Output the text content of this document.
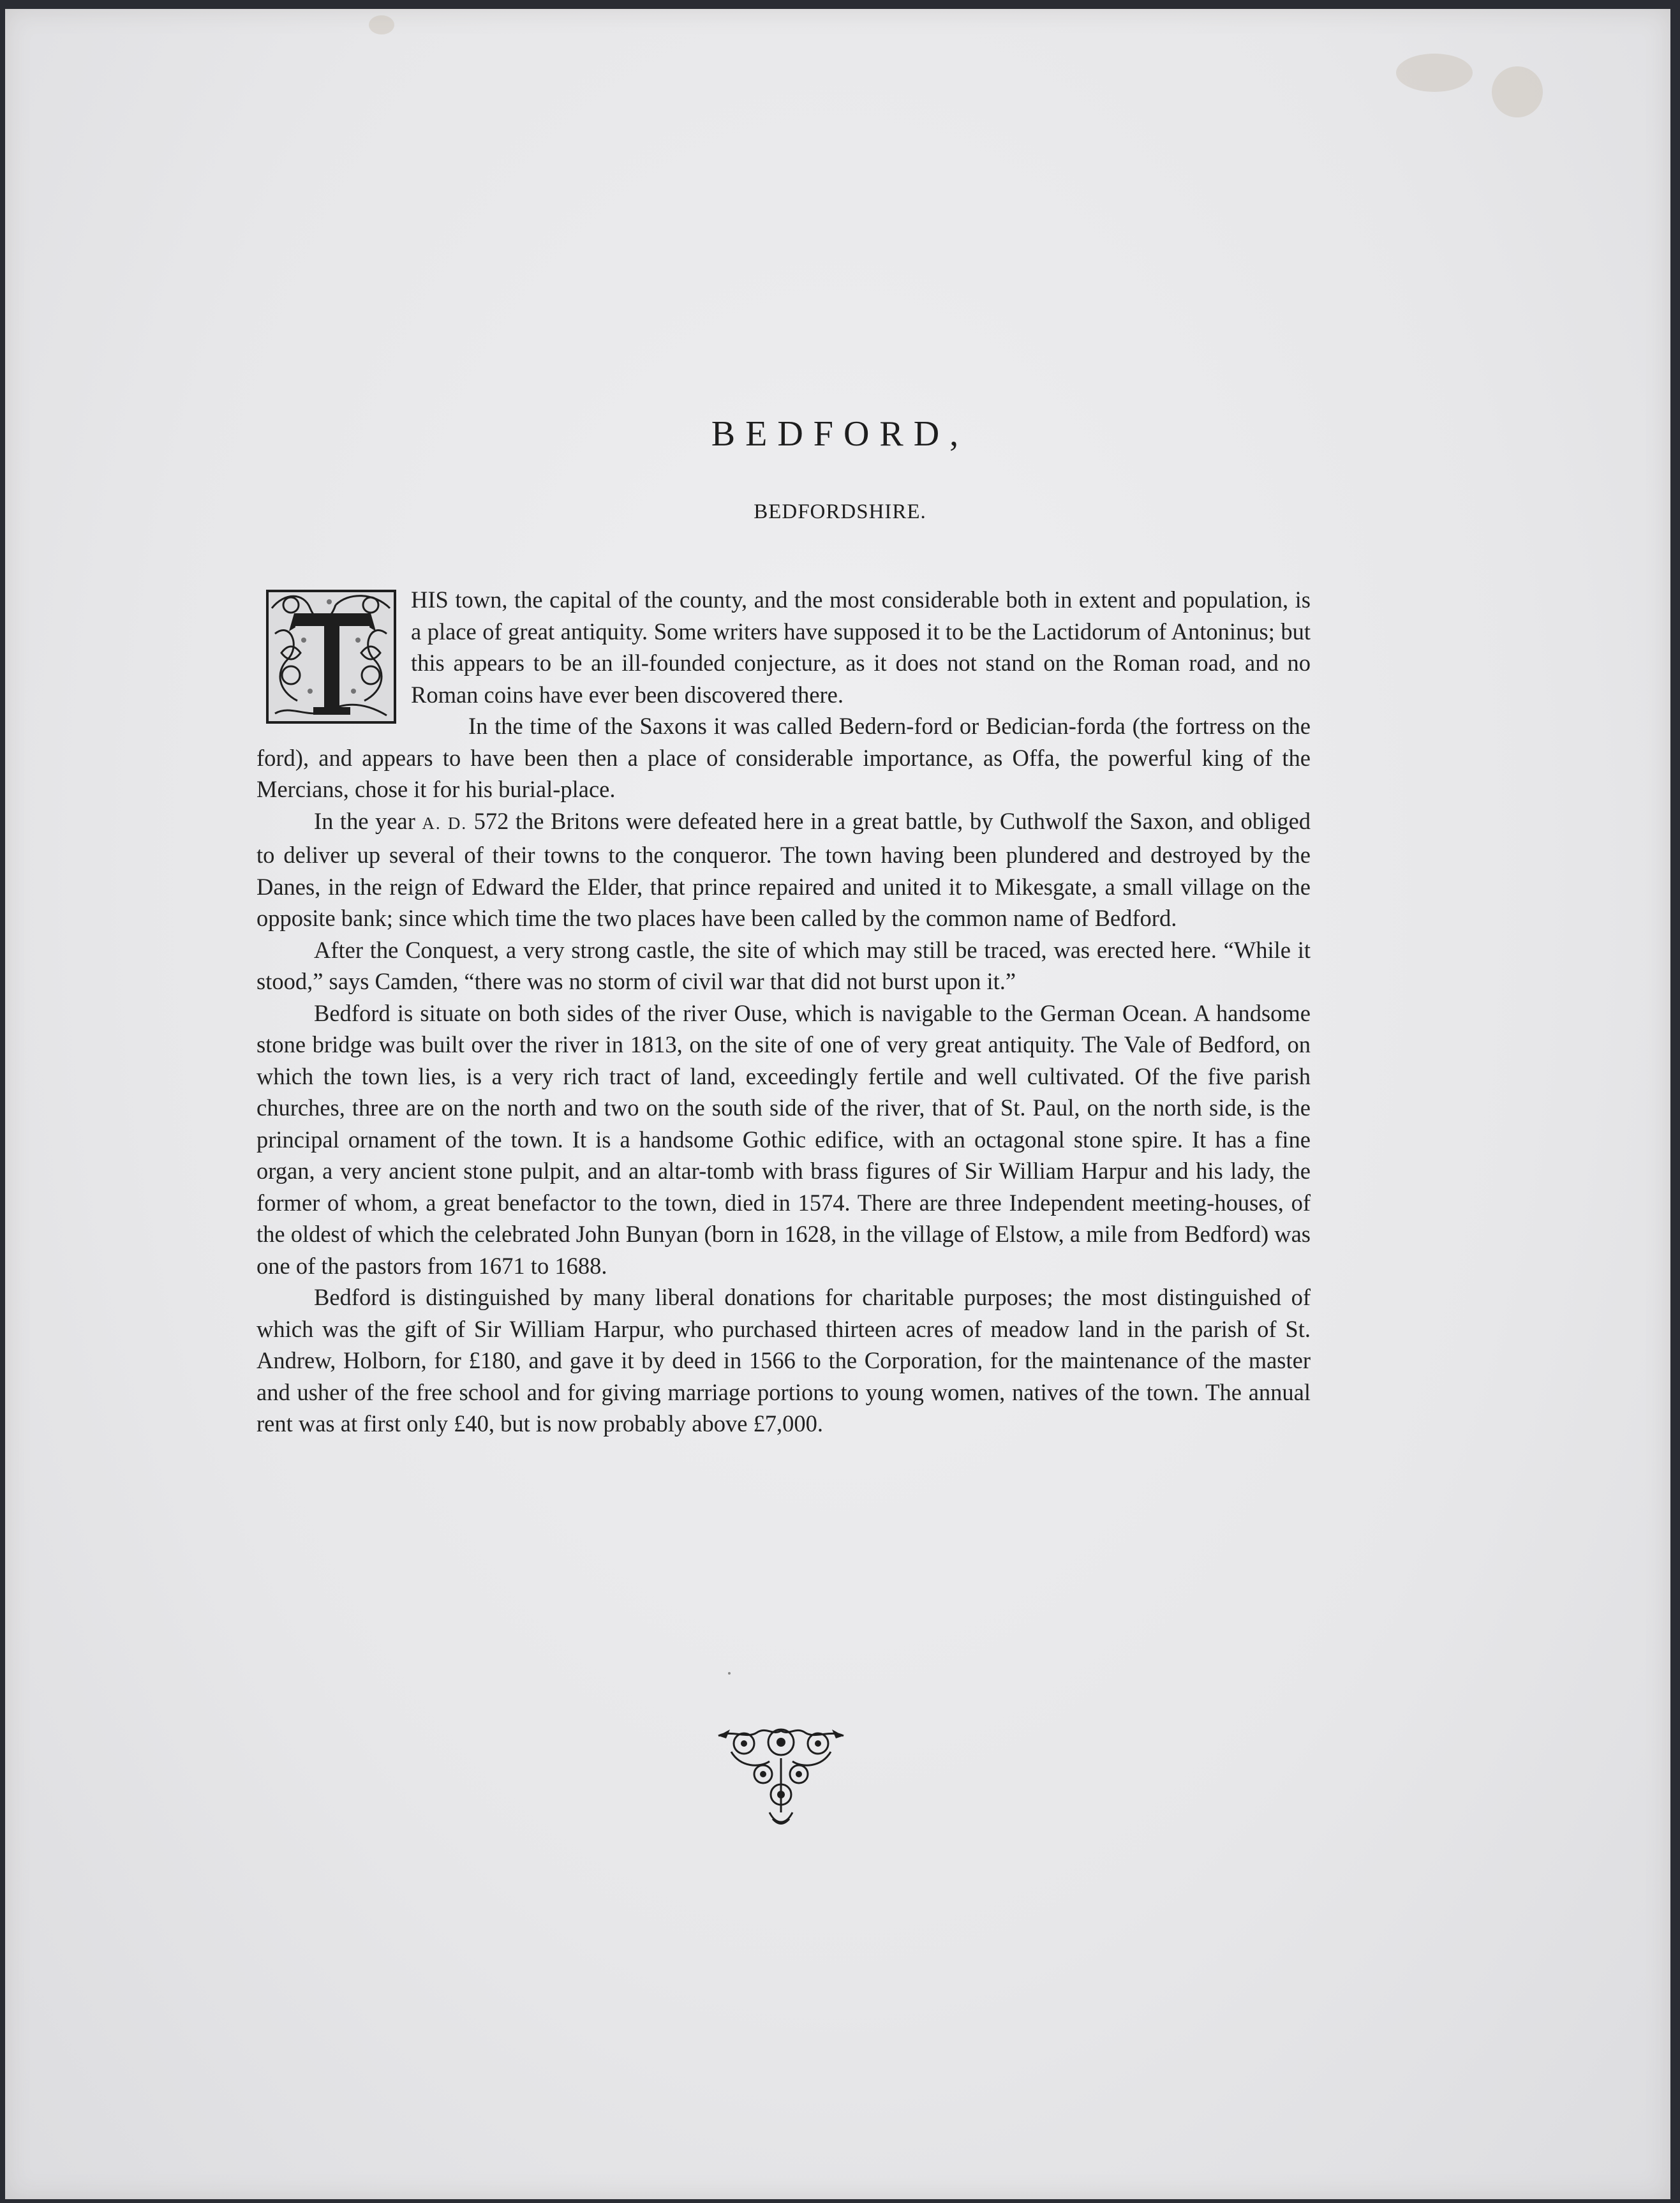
BEDFORD,
BEDFORDSHIRE.

HIS town, the capital of the county, and the most considerable both in extent and population, is a place of great antiquity. Some writers have supposed it to be the Lactidorum of Antoninus; but this appears to be an ill-founded conjecture, as it does not stand on the Roman road, and no Roman coins have ever been discovered there.

In the time of the Saxons it was called Bedern-ford or Bedician-forda (the fortress on the ford), and appears to have been then a place of considerable importance, as Offa, the powerful king of the Mercians, chose it for his burial-place.

In the year A. D. 572 the Britons were defeated here in a great battle, by Cuthwolf the Saxon, and obliged to deliver up several of their towns to the conqueror. The town having been plundered and destroyed by the Danes, in the reign of Edward the Elder, that prince repaired and united it to Mikesgate, a small village on the opposite bank; since which time the two places have been called by the common name of Bedford.

After the Conquest, a very strong castle, the site of which may still be traced, was erected here. “While it stood,” says Camden, “there was no storm of civil war that did not burst upon it.”

Bedford is situate on both sides of the river Ouse, which is navigable to the German Ocean. A handsome stone bridge was built over the river in 1813, on the site of one of very great antiquity. The Vale of Bedford, on which the town lies, is a very rich tract of land, exceedingly fertile and well cultivated. Of the five parish churches, three are on the north and two on the south side of the river, that of St. Paul, on the north side, is the principal ornament of the town. It is a handsome Gothic edifice, with an octagonal stone spire. It has a fine organ, a very ancient stone pulpit, and an altar-tomb with brass figures of Sir William Harpur and his lady, the former of whom, a great benefactor to the town, died in 1574. There are three Independent meeting-houses, of the oldest of which the celebrated John Bunyan (born in 1628, in the village of Elstow, a mile from Bedford) was one of the pastors from 1671 to 1688.

Bedford is distinguished by many liberal donations for charitable purposes; the most distinguished of which was the gift of Sir William Harpur, who purchased thirteen acres of meadow land in the parish of St. Andrew, Holborn, for £180, and gave it by deed in 1566 to the Corporation, for the maintenance of the master and usher of the free school and for giving marriage portions to young women, natives of the town. The annual rent was at first only £40, but is now probably above £7,000.
